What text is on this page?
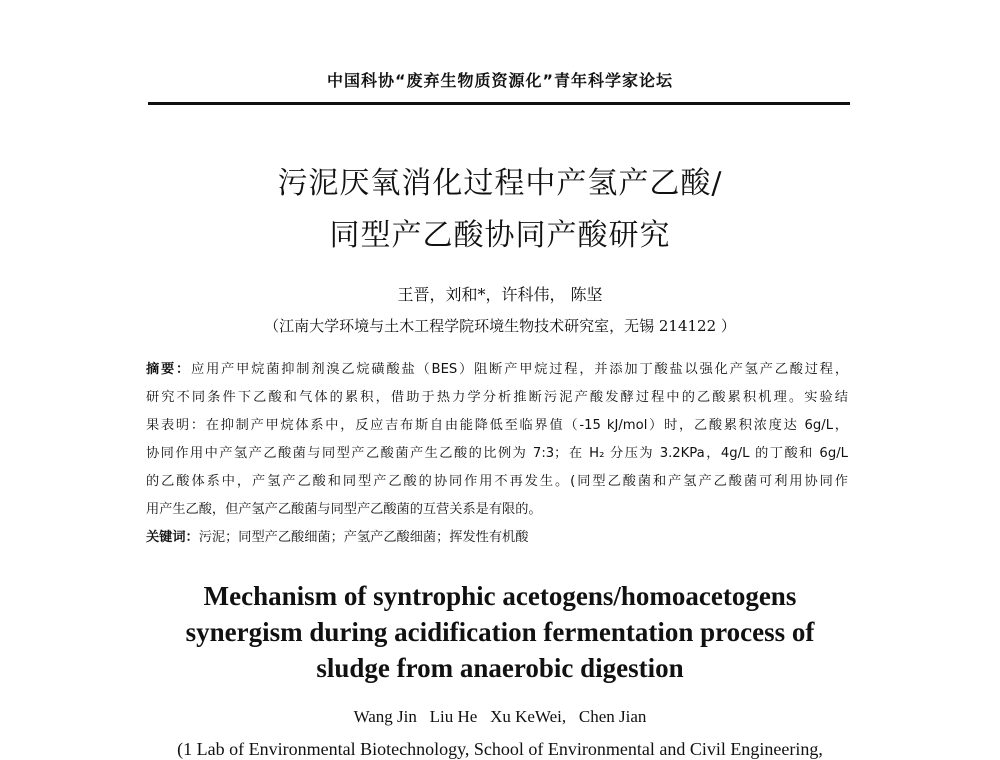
中国科协“废弃生物质资源化”青年科学家论坛
污泥厌氧消化过程中产氢产乙酸/
同型产乙酸协同产酸研究
王晋，刘和*，许科伟， 陈坚
（江南大学环境与土木工程学院环境生物技术研究室，无锡 214122 ）
摘要：应用产甲烷菌抑制剂溴乙烷磺酸盐（BES）阻断产甲烷过程，并添加丁酸盐以强化产氢产乙酸过程，
研究不同条件下乙酸和气体的累积，借助于热力学分析推断污泥产酸发酵过程中的乙酸累积机理。实验结
果表明：在抑制产甲烷体系中，反应吉布斯自由能降低至临界值（-15 kJ/mol）时，乙酸累积浓度达 6g/L，
协同作用中产氢产乙酸菌与同型产乙酸菌产生乙酸的比例为 7:3；在 H₂ 分压为 3.2KPa，4g/L 的丁酸和 6g/L
的乙酸体系中，产氢产乙酸和同型产乙酸的协同作用不再发生。(同型乙酸菌和产氢产乙酸菌可利用协同作
用产生乙酸，但产氢产乙酸菌与同型产乙酸菌的互营关系是有限的。
关键词：污泥；同型产乙酸细菌；产氢产乙酸细菌；挥发性有机酸
Mechanism of syntrophic acetogens/homoacetogens
synergism during acidification fermentation process of
sludge from anaerobic digestion
Wang Jin   Liu He   Xu KeWei,   Chen Jian
(1 Lab of Environmental Biotechnology, School of Environmental and Civil Engineering,
